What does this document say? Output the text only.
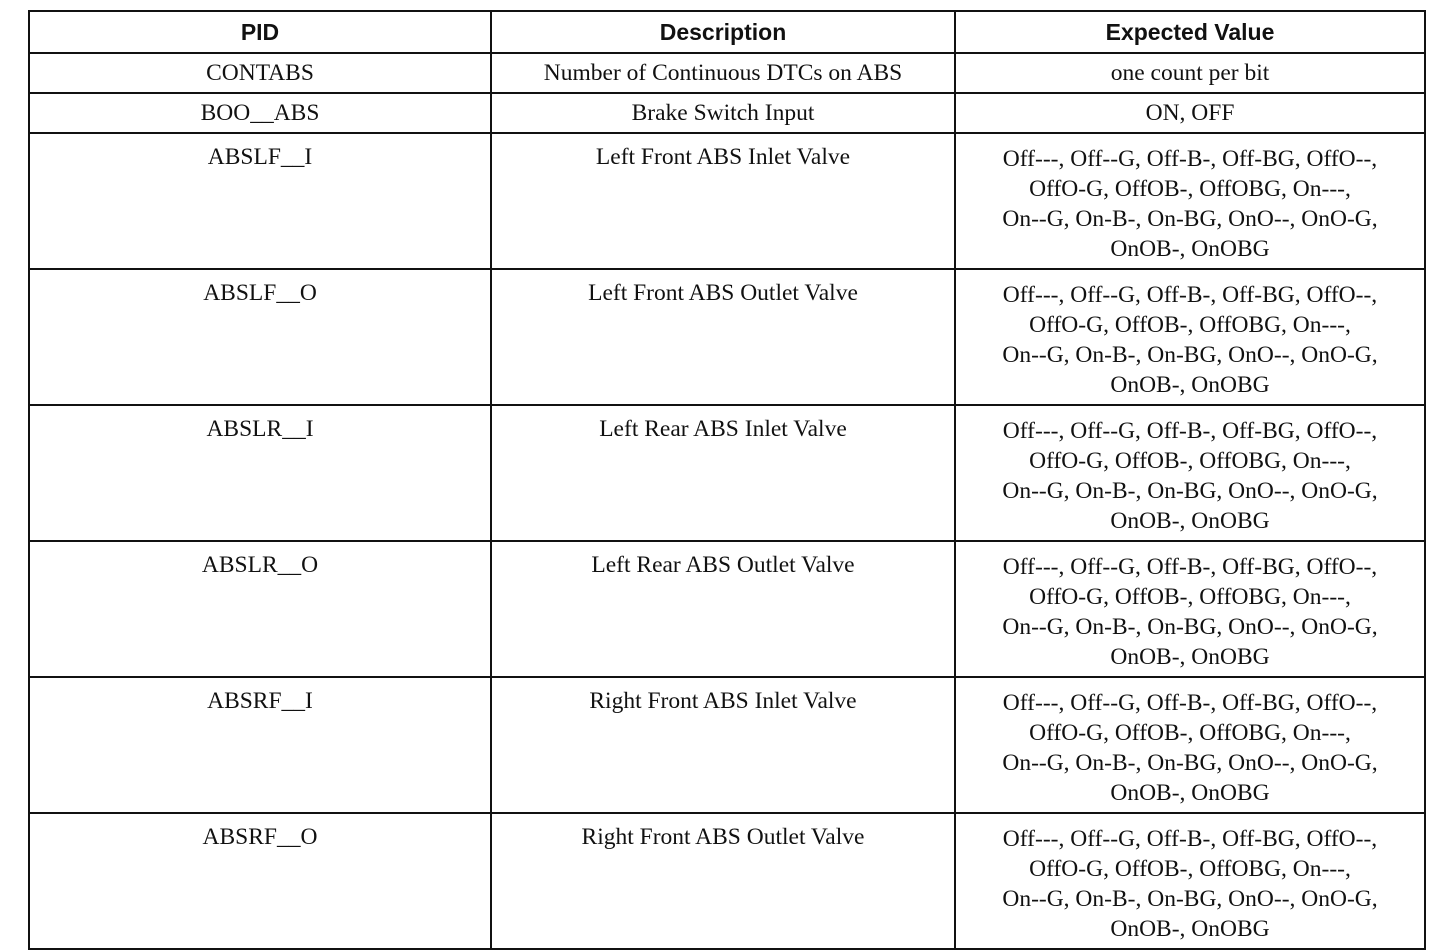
PID	Description	Expected Value
CONTABS	Number of Continuous DTCs on ABS	one count per bit

BOO__ABS	Brake Switch Input	ON, OFF

ABSLF__I	Left Front ABS Inlet Valve	Off---, Off--G, Off-B-, Off-BG, OffO--,
OffO-G, OffOB-, OffOBG, On---,
On--G, On-B-, On-BG, OnO--, OnO-G,
OnOB-, OnOBG

ABSLF__O	Left Front ABS Outlet Valve	Off---, Off--G, Off-B-, Off-BG, OffO--,
OffO-G, OffOB-, OffOBG, On---,
On--G, On-B-, On-BG, OnO--, OnO-G,
OnOB-, OnOBG

ABSLR__I	Left Rear ABS Inlet Valve	Off---, Off--G, Off-B-, Off-BG, OffO--,
OffO-G, OffOB-, OffOBG, On---,
On--G, On-B-, On-BG, OnO--, OnO-G,
OnOB-, OnOBG

ABSLR__O	Left Rear ABS Outlet Valve	Off---, Off--G, Off-B-, Off-BG, OffO--,
OffO-G, OffOB-, OffOBG, On---,
On--G, On-B-, On-BG, OnO--, OnO-G,
OnOB-, OnOBG

ABSRF__I	Right Front ABS Inlet Valve	Off---, Off--G, Off-B-, Off-BG, OffO--,
OffO-G, OffOB-, OffOBG, On---,
On--G, On-B-, On-BG, OnO--, OnO-G,
OnOB-, OnOBG

ABSRF__O	Right Front ABS Outlet Valve	Off---, Off--G, Off-B-, Off-BG, OffO--,
OffO-G, OffOB-, OffOBG, On---,
On--G, On-B-, On-BG, OnO--, OnO-G,
OnOB-, OnOBG
